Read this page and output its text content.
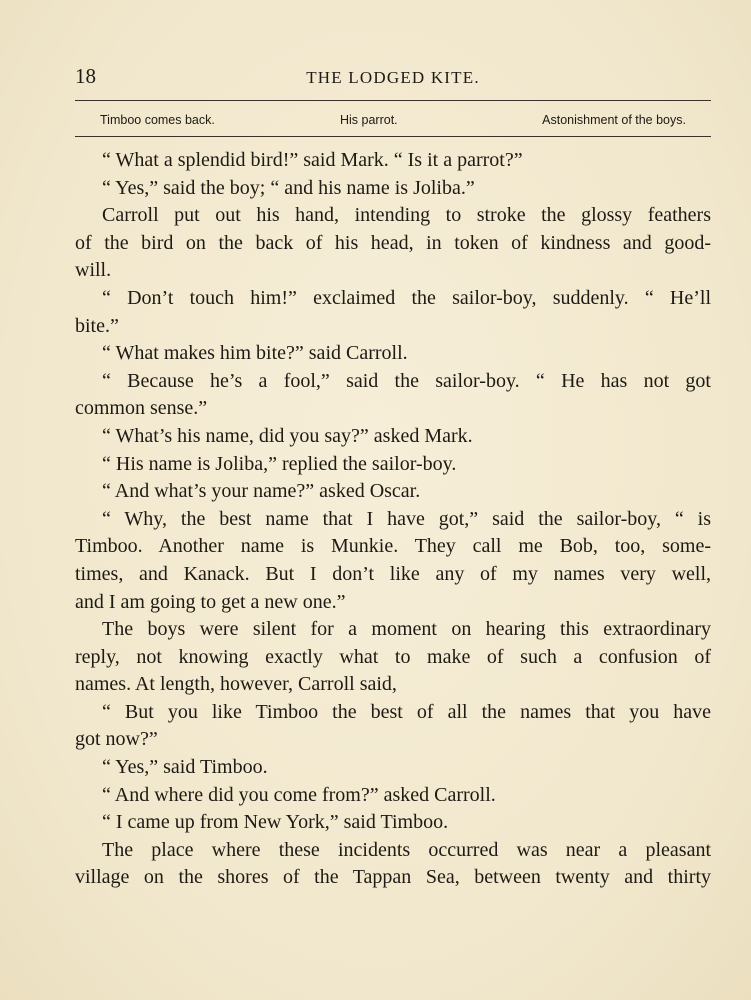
18	THE LODGED KITE.
Timboo comes back.	His parrot.	Astonishment of the boys.
“ What a splendid bird!” said Mark. “ Is it a parrot?”
“ Yes,” said the boy; “ and his name is Joliba.”
Carroll put out his hand, intending to stroke the glossy feathers
of the bird on the back of his head, in token of kindness and good-
will.
“ Don’t touch him!” exclaimed the sailor-boy, suddenly. “ He’ll
bite.”
“ What makes him bite?” said Carroll.
“ Because he’s a fool,” said the sailor-boy. “ He has not got
common sense.”
“ What’s his name, did you say?” asked Mark.
“ His name is Joliba,” replied the sailor-boy.
“ And what’s your name?” asked Oscar.
“ Why, the best name that I have got,” said the sailor-boy, “ is
Timboo. Another name is Munkie. They call me Bob, too, some-
times, and Kanack. But I don’t like any of my names very well,
and I am going to get a new one.”
The boys were silent for a moment on hearing this extraordinary
reply, not knowing exactly what to make of such a confusion of
names. At length, however, Carroll said,
“ But you like Timboo the best of all the names that you have
got now?”
“ Yes,” said Timboo.
“ And where did you come from?” asked Carroll.
“ I came up from New York,” said Timboo.
The place where these incidents occurred was near a pleasant
village on the shores of the Tappan Sea, between twenty and thirty
